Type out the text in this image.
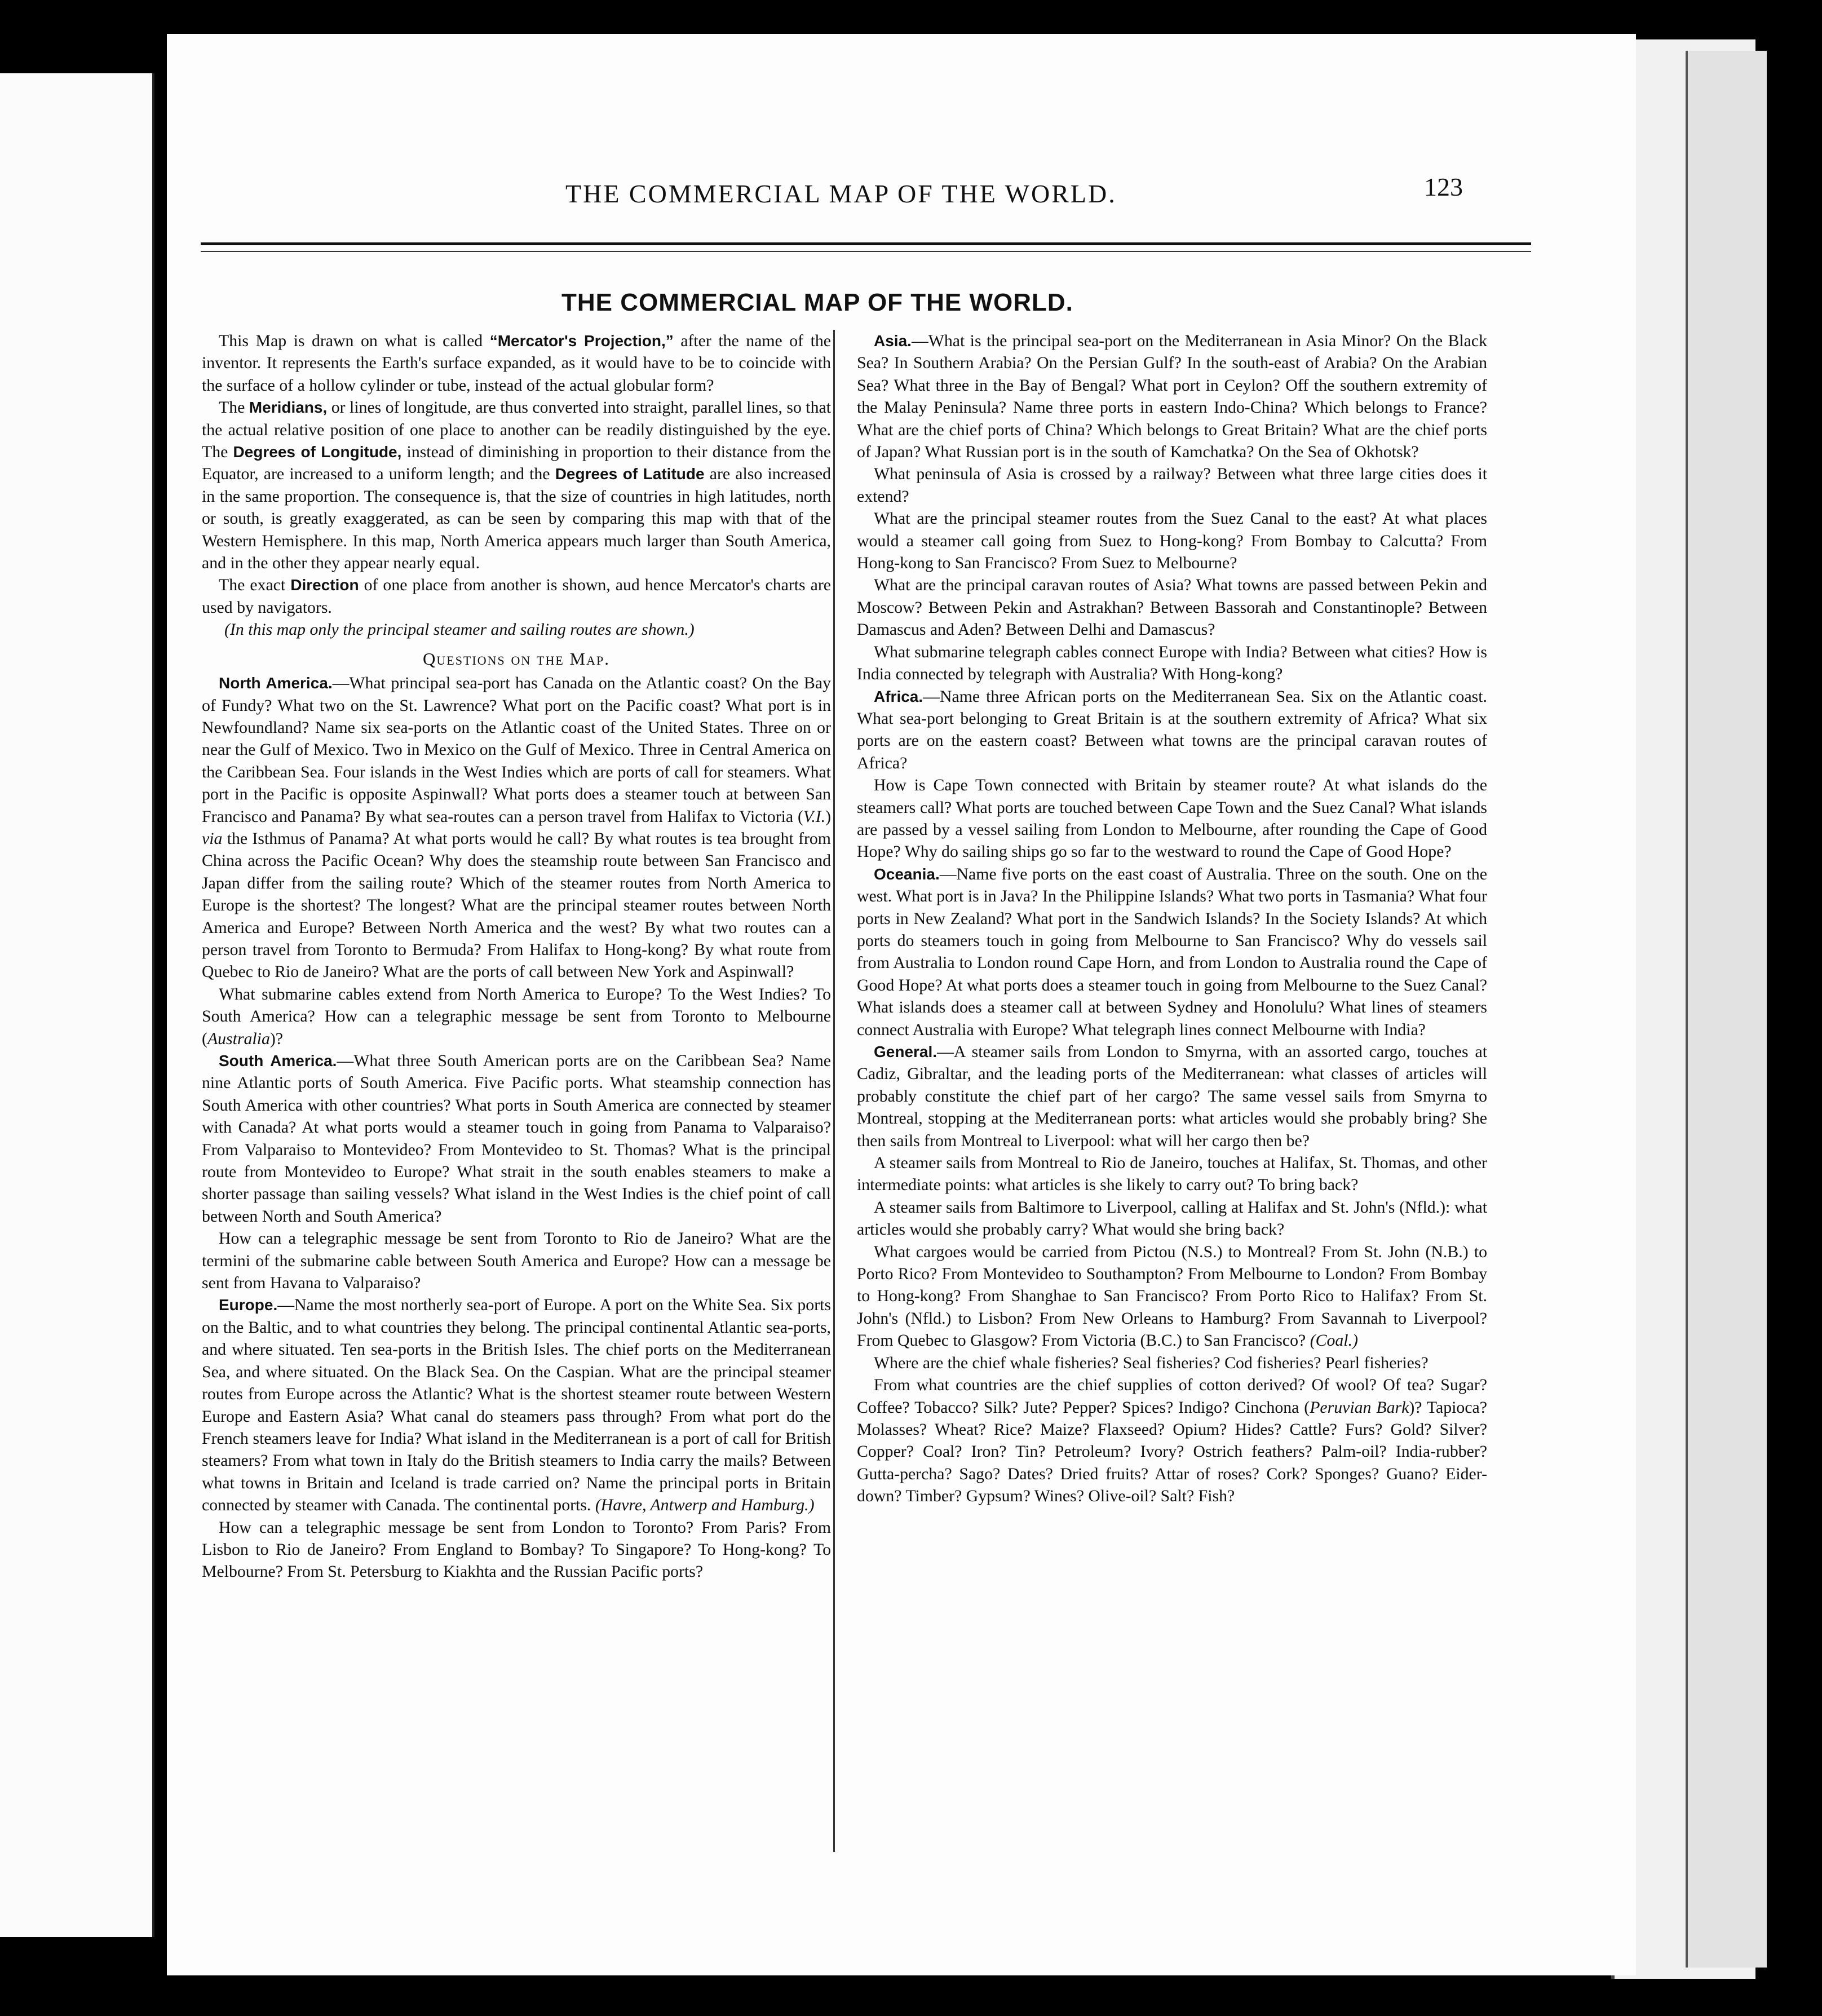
THE COMMERCIAL MAP OF THE WORLD.	123
THE COMMERCIAL MAP OF THE WORLD.

This Map is drawn on what is called “Mercator's Projection,” after the name of the inventor. It represents the Earth's surface expanded, as it would have to be to coincide with the surface of a hollow cylinder or tube, instead of the actual globular form?

The Meridians, or lines of longitude, are thus converted into straight, parallel lines, so that the actual relative position of one place to another can be readily distinguished by the eye. The Degrees of Longitude, instead of diminishing in proportion to their distance from the Equator, are increased to a uniform length; and the Degrees of Latitude are also increased in the same proportion. The consequence is, that the size of countries in high latitudes, north or south, is greatly exaggerated, as can be seen by comparing this map with that of the Western Hemisphere. In this map, North America appears much larger than South America, and in the other they appear nearly equal.

The exact Direction of one place from another is shown, aud hence Mercator's charts are used by navigators.

(In this map only the principal steamer and sailing routes are shown.)

Questions on the Map.

North America.—What principal sea-port has Canada on the Atlantic coast? On the Bay of Fundy? What two on the St. Lawrence? What port on the Pacific coast? What port is in Newfoundland? Name six sea-ports on the Atlantic coast of the United States. Three on or near the Gulf of Mexico. Two in Mexico on the Gulf of Mexico. Three in Central America on the Caribbean Sea. Four islands in the West Indies which are ports of call for steamers. What port in the Pacific is opposite Aspinwall? What ports does a steamer touch at between San Francisco and Panama? By what sea-routes can a person travel from Halifax to Victoria (V.I.) via the Isthmus of Panama? At what ports would he call? By what routes is tea brought from China across the Pacific Ocean? Why does the steamship route between San Francisco and Japan differ from the sailing route? Which of the steamer routes from North America to Europe is the shortest? The longest? What are the principal steamer routes between North America and Europe? Between North America and the west? By what two routes can a person travel from Toronto to Bermuda? From Halifax to Hong-kong? By what route from Quebec to Rio de Janeiro? What are the ports of call between New York and Aspinwall?

What submarine cables extend from North America to Europe? To the West Indies? To South America? How can a telegraphic message be sent from Toronto to Melbourne (Australia)?

South America.—What three South American ports are on the Caribbean Sea? Name nine Atlantic ports of South America. Five Pacific ports. What steamship connection has South America with other countries? What ports in South America are connected by steamer with Canada? At what ports would a steamer touch in going from Panama to Valparaiso? From Valparaiso to Montevideo? From Montevideo to St. Thomas? What is the principal route from Montevideo to Europe? What strait in the south enables steamers to make a shorter passage than sailing vessels? What island in the West Indies is the chief point of call between North and South America?

How can a telegraphic message be sent from Toronto to Rio de Janeiro? What are the termini of the submarine cable between South America and Europe? How can a message be sent from Havana to Valparaiso?

Europe.—Name the most northerly sea-port of Europe. A port on the White Sea. Six ports on the Baltic, and to what countries they belong. The principal continental Atlantic sea-ports, and where situated. Ten sea-ports in the British Isles. The chief ports on the Mediterranean Sea, and where situated. On the Black Sea. On the Caspian. What are the principal steamer routes from Europe across the Atlantic? What is the shortest steamer route between Western Europe and Eastern Asia? What canal do steamers pass through? From what port do the French steamers leave for India? What island in the Mediterranean is a port of call for British steamers? From what town in Italy do the British steamers to India carry the mails? Between what towns in Britain and Iceland is trade carried on? Name the principal ports in Britain connected by steamer with Canada. The continental ports. (Havre, Antwerp and Hamburg.)

How can a telegraphic message be sent from London to Toronto? From Paris? From Lisbon to Rio de Janeiro? From England to Bombay? To Singapore? To Hong-kong? To Melbourne? From St. Petersburg to Kiakhta and the Russian Pacific ports?

Asia.—What is the principal sea-port on the Mediterranean in Asia Minor? On the Black Sea? In Southern Arabia? On the Persian Gulf? In the south-east of Arabia? On the Arabian Sea? What three in the Bay of Bengal? What port in Ceylon? Off the southern extremity of the Malay Peninsula? Name three ports in eastern Indo-China? Which belongs to France? What are the chief ports of China? Which belongs to Great Britain? What are the chief ports of Japan? What Russian port is in the south of Kamchatka? On the Sea of Okhotsk?

What peninsula of Asia is crossed by a railway? Between what three large cities does it extend?

What are the principal steamer routes from the Suez Canal to the east? At what places would a steamer call going from Suez to Hong-kong? From Bombay to Calcutta? From Hong-kong to San Francisco? From Suez to Melbourne?

What are the principal caravan routes of Asia? What towns are passed between Pekin and Moscow? Between Pekin and Astrakhan? Between Bassorah and Constantinople? Between Damascus and Aden? Between Delhi and Damascus?

What submarine telegraph cables connect Europe with India? Between what cities? How is India connected by telegraph with Australia? With Hong-kong?

Africa.—Name three African ports on the Mediterranean Sea. Six on the Atlantic coast. What sea-port belonging to Great Britain is at the southern extremity of Africa? What six ports are on the eastern coast? Between what towns are the principal caravan routes of Africa?

How is Cape Town connected with Britain by steamer route? At what islands do the steamers call? What ports are touched between Cape Town and the Suez Canal? What islands are passed by a vessel sailing from London to Melbourne, after rounding the Cape of Good Hope? Why do sailing ships go so far to the westward to round the Cape of Good Hope?

Oceania.—Name five ports on the east coast of Australia. Three on the south. One on the west. What port is in Java? In the Philippine Islands? What two ports in Tasmania? What four ports in New Zealand? What port in the Sandwich Islands? In the Society Islands? At which ports do steamers touch in going from Melbourne to San Francisco? Why do vessels sail from Australia to London round Cape Horn, and from London to Australia round the Cape of Good Hope? At what ports does a steamer touch in going from Melbourne to the Suez Canal? What islands does a steamer call at between Sydney and Honolulu? What lines of steamers connect Australia with Europe? What telegraph lines connect Melbourne with India?

General.—A steamer sails from London to Smyrna, with an assorted cargo, touches at Cadiz, Gibraltar, and the leading ports of the Mediterranean: what classes of articles will probably constitute the chief part of her cargo? The same vessel sails from Smyrna to Montreal, stopping at the Mediterranean ports: what articles would she probably bring? She then sails from Montreal to Liverpool: what will her cargo then be?

A steamer sails from Montreal to Rio de Janeiro, touches at Halifax, St. Thomas, and other intermediate points: what articles is she likely to carry out? To bring back?

A steamer sails from Baltimore to Liverpool, calling at Halifax and St. John's (Nfld.): what articles would she probably carry? What would she bring back?

What cargoes would be carried from Pictou (N.S.) to Montreal? From St. John (N.B.) to Porto Rico? From Montevideo to Southampton? From Melbourne to London? From Bombay to Hong-kong? From Shanghae to San Francisco? From Porto Rico to Halifax? From St. John's (Nfld.) to Lisbon? From New Orleans to Hamburg? From Savannah to Liverpool? From Quebec to Glasgow? From Victoria (B.C.) to San Francisco? (Coal.)

Where are the chief whale fisheries? Seal fisheries? Cod fisheries? Pearl fisheries?

From what countries are the chief supplies of cotton derived? Of wool? Of tea? Sugar? Coffee? Tobacco? Silk? Jute? Pepper? Spices? Indigo? Cinchona (Peruvian Bark)? Tapioca? Molasses? Wheat? Rice? Maize? Flaxseed? Opium? Hides? Cattle? Furs? Gold? Silver? Copper? Coal? Iron? Tin? Petroleum? Ivory? Ostrich feathers? Palm-oil? India-rubber? Gutta-percha? Sago? Dates? Dried fruits? Attar of roses? Cork? Sponges? Guano? Eider-down? Timber? Gypsum? Wines? Olive-oil? Salt? Fish?
